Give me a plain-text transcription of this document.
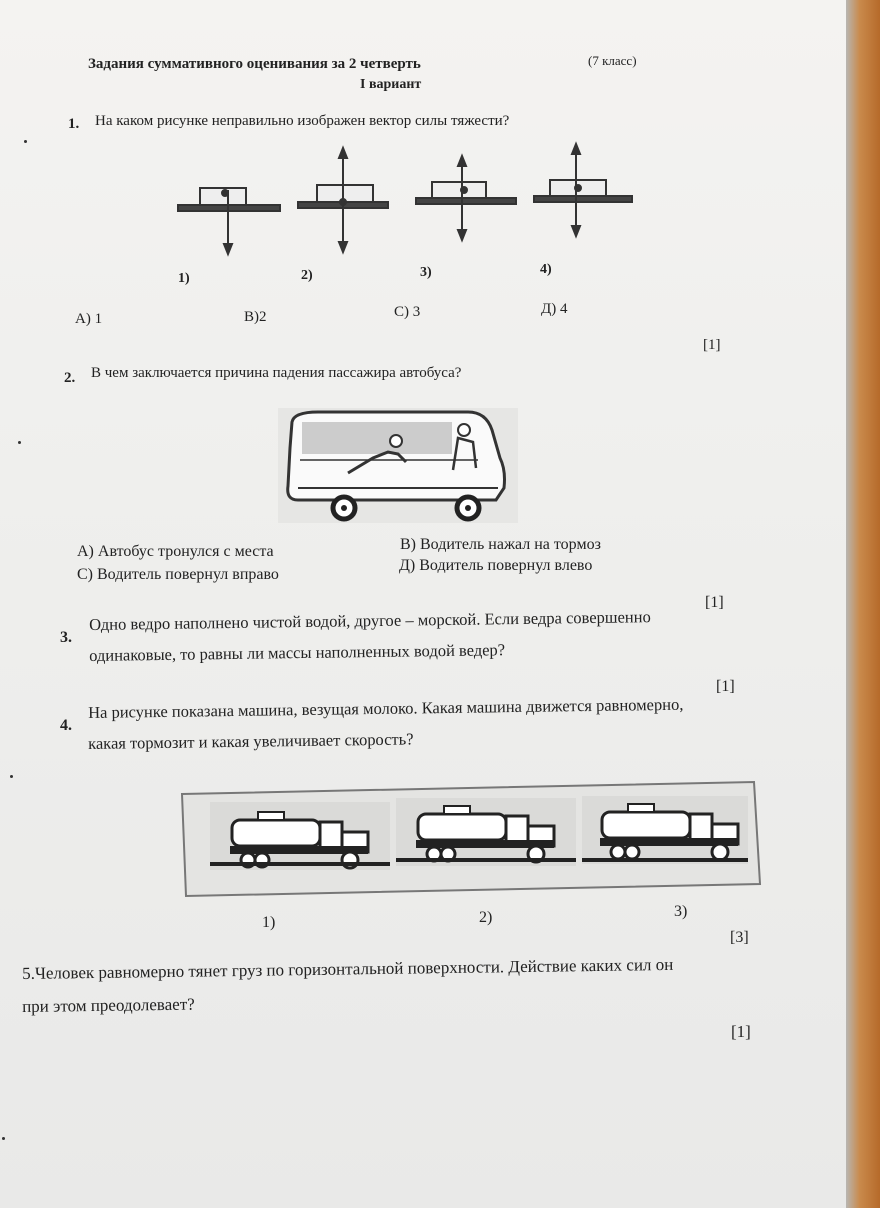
Задания суммативного оценивания за 2 четверть	(7 класс)
I вариант
1. На каком рисунке неправильно изображен вектор силы тяжести?
1)	2)	3)	4)
А) 1	В)2	С) 3	Д) 4
[1]
2. В чем заключается причина падения пассажира автобуса?
А) Автобус тронулся с места	В) Водитель нажал на тормоз
С) Водитель повернул вправо
Д) Водитель повернул влево
[1]
3.
Одно ведро наполнено чистой водой, другое – морской. Если ведра совершенно
одинаковые, то равны ли массы наполненных водой ведер?
[1]
4.
На рисунке показана машина, везущая молоко. Какая машина движется равномерно,
какая тормозит и какая увеличивает скорость?
1)	2)	3)
[3]
5.Человек равномерно тянет груз по горизонтальной поверхности. Действие каких сил он
при этом преодолевает?
[1]
